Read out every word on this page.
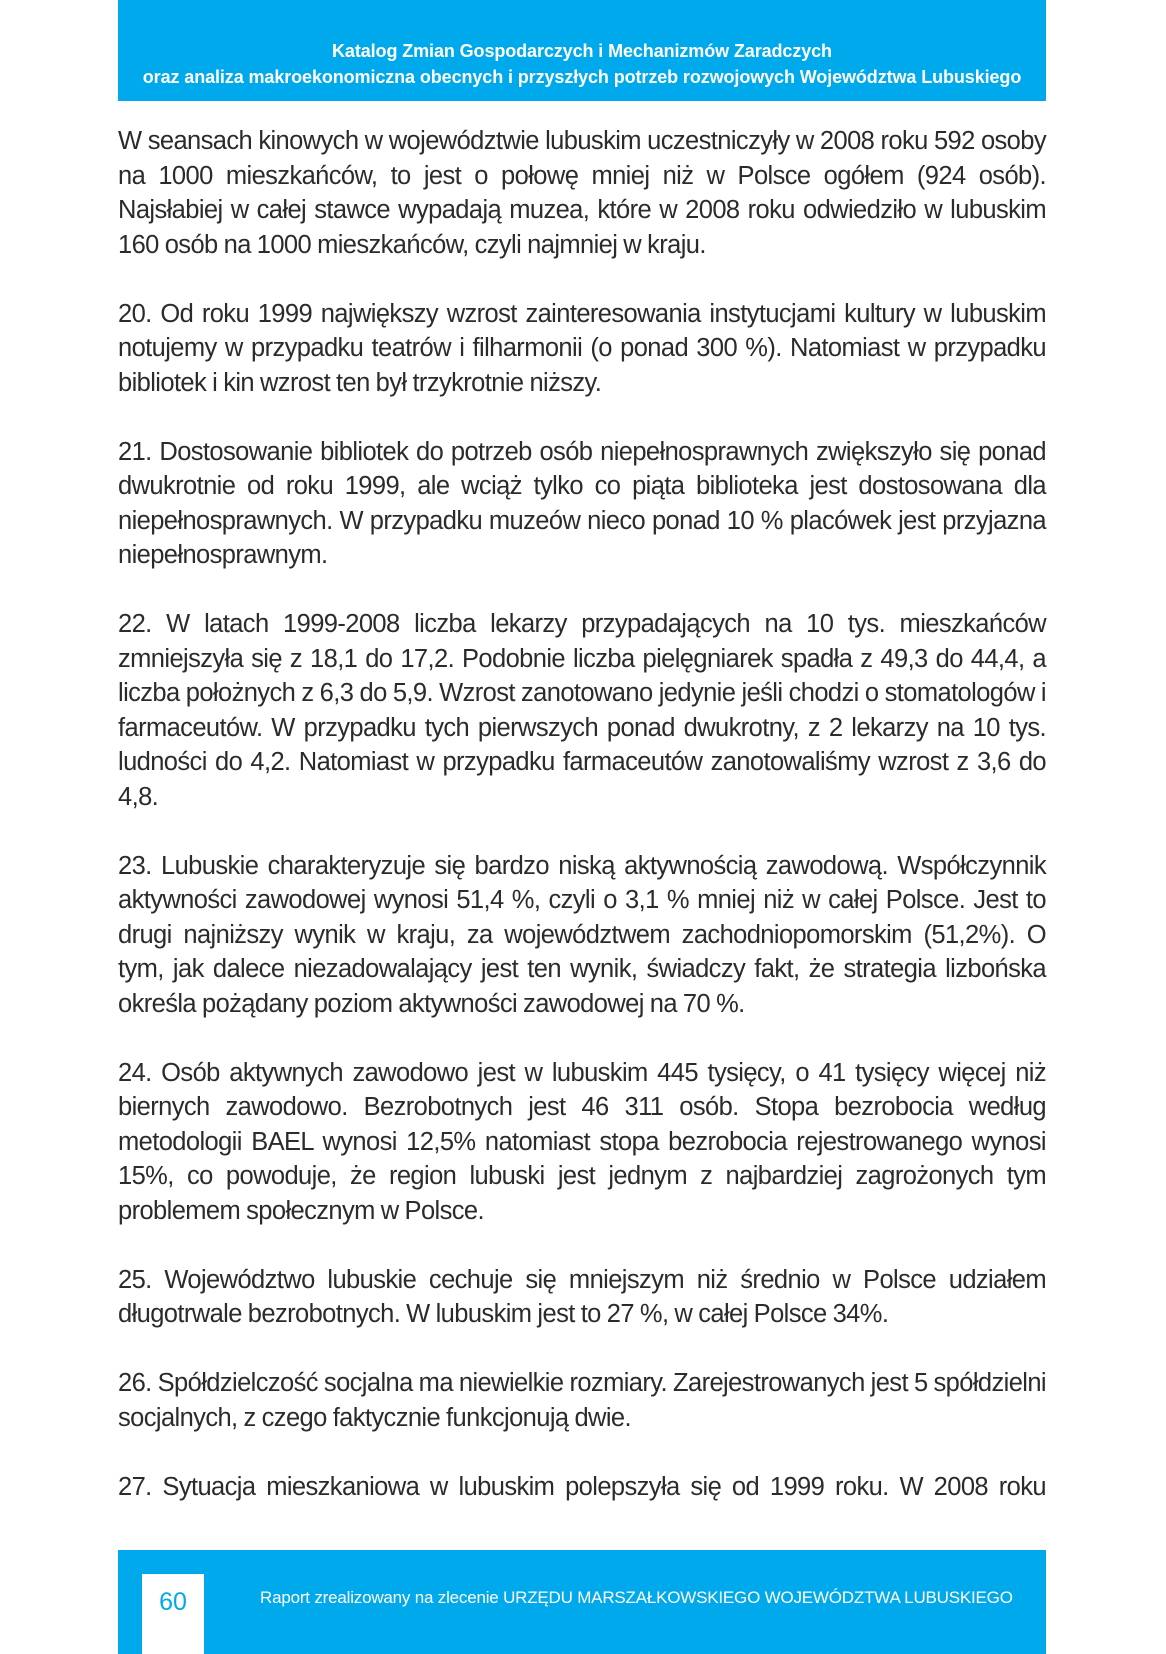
Katalog Zmian Gospodarczych i Mechanizmów Zaradczych
oraz analiza makroekonomiczna obecnych i przyszłych potrzeb rozwojowych Województwa Lubuskiego

W seansach kinowych w województwie lubuskim uczestniczyły w 2008 roku 592 osoby na 1000 mieszkańców, to jest o połowę mniej niż w Polsce ogółem (924 osób). Najsłabiej w całej stawce wypadają muzea, które w 2008 roku odwiedziło w lubuskim 160 osób na 1000 mieszkańców, czyli najmniej w kraju.

20. Od roku 1999 największy wzrost zainteresowania instytucjami kultury w lubuskim notujemy w przypadku teatrów i filharmonii (o ponad 300 %). Natomiast w przypadku bibliotek i kin wzrost ten był trzykrotnie niższy.

21. Dostosowanie bibliotek do potrzeb osób niepełnosprawnych zwiększyło się ponad dwukrotnie od roku 1999, ale wciąż tylko co piąta biblioteka jest dostosowana dla niepełnosprawnych. W przypadku muzeów nieco ponad 10 % placówek jest przyjazna niepełnosprawnym.

22. W latach 1999-2008 liczba lekarzy przypadających na 10 tys. mieszkańców zmniejszyła się z 18,1 do 17,2. Podobnie liczba pielęgniarek spadła z 49,3 do 44,4, a liczba położnych z 6,3 do 5,9. Wzrost zanotowano jedynie jeśli chodzi o stomatologów i farmaceutów. W przypadku tych pierwszych ponad dwukrotny, z 2 lekarzy na 10 tys. ludności do 4,2. Natomiast w przypadku farmaceutów zanotowaliśmy wzrost z 3,6 do 4,8.

23. Lubuskie charakteryzuje się bardzo niską aktywnością zawodową. Współczynnik aktywności zawodowej wynosi 51,4 %, czyli o 3,1 % mniej niż w całej Polsce. Jest to drugi najniższy wynik w kraju, za województwem zachodniopomorskim (51,2%). O tym, jak dalece niezadowalający jest ten wynik, świadczy fakt, że strategia lizbońska określa pożądany poziom aktywności zawodowej na 70 %.

24. Osób aktywnych zawodowo jest w lubuskim 445 tysięcy, o 41 tysięcy więcej niż biernych zawodowo. Bezrobotnych jest 46 311 osób. Stopa bezrobocia według metodologii BAEL wynosi 12,5% natomiast stopa bezrobocia rejestrowanego wynosi 15%, co powoduje, że region lubuski jest jednym z najbardziej zagrożonych tym problemem społecznym w Polsce.

25. Województwo lubuskie cechuje się mniejszym niż średnio w Polsce udziałem długotrwale bezrobotnych. W lubuskim jest to 27 %, w całej Polsce 34%.

26. Spółdzielczość socjalna ma niewielkie rozmiary. Zarejestrowanych jest 5 spółdzielni socjalnych, z czego faktycznie funkcjonują dwie.

27. Sytuacja mieszkaniowa w lubuskim polepszyła się od 1999 roku. W 2008 roku

60	Raport zrealizowany na zlecenie URZĘDU MARSZAŁKOWSKIEGO WOJEWÓDZTWA LUBUSKIEGO
